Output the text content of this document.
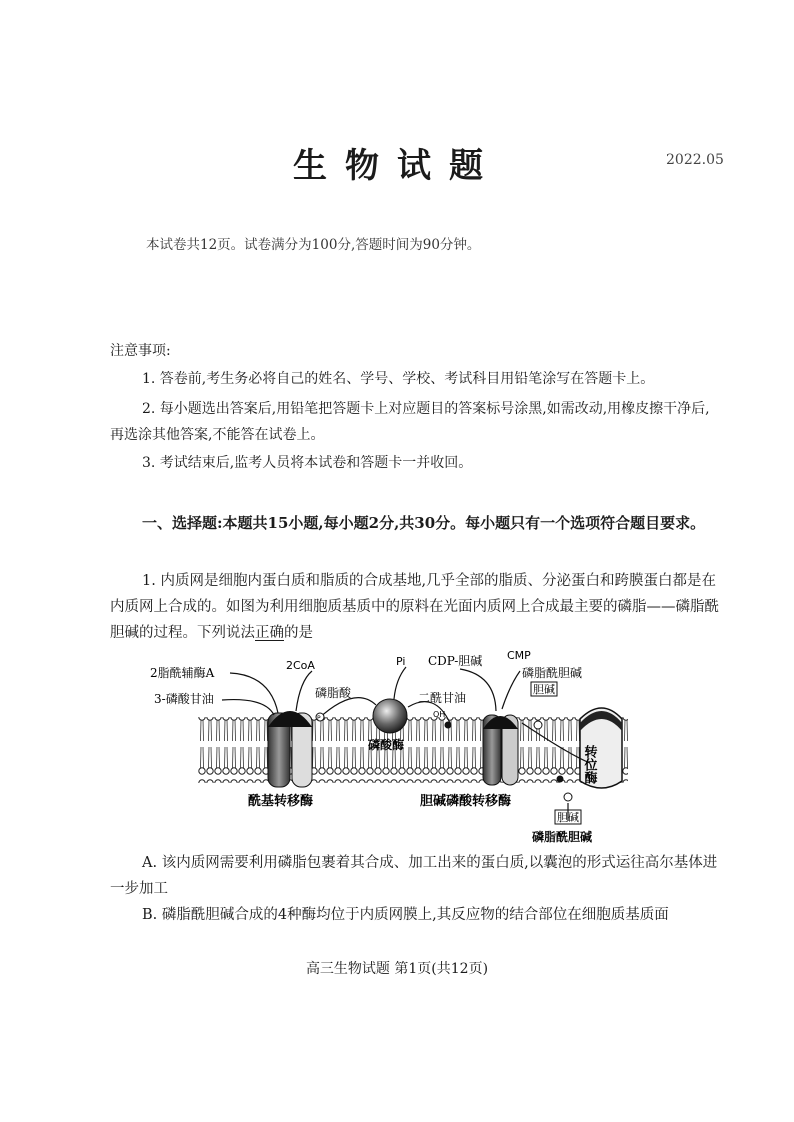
生物试题	2022.05
本试卷共12页。试卷满分为100分,答题时间为90分钟。
注意事项:
1. 答卷前,考生务必将自己的姓名、学号、学校、考试科目用铅笔涂写在答题卡上。
2. 每小题选出答案后,用铅笔把答题卡上对应题目的答案标号涂黑,如需改动,用橡皮擦干净后,再选涂其他答案,不能答在试卷上。
3. 考试结束后,监考人员将本试卷和答题卡一并收回。
一、选择题:本题共15小题,每小题2分,共30分。每小题只有一个选项符合题目要求。
1. 内质网是细胞内蛋白质和脂质的合成基地,几乎全部的脂质、分泌蛋白和跨膜蛋白都是在内质网上合成的。如图为利用细胞质基质中的原料在光面内质网上合成最主要的磷脂——磷脂酰胆碱的过程。下列说法正确的是
P
2脂酰辅酶A
2CoA
3-磷酸甘油	磷脂酸
Pi CDP-胆碱 CMP
磷脂酰胆碱
胆碱
二酰甘油
OH
磷酸酶
酰基转移酶	胆碱磷酸转移酶
转位酶
胆碱
磷脂酰胆碱
A. 该内质网需要利用磷脂包裹着其合成、加工出来的蛋白质,以囊泡的形式运往高尔基体进一步加工
B. 磷脂酰胆碱合成的4种酶均位于内质网膜上,其反应物的结合部位在细胞质基质面
高三生物试题 第1页(共12页)
